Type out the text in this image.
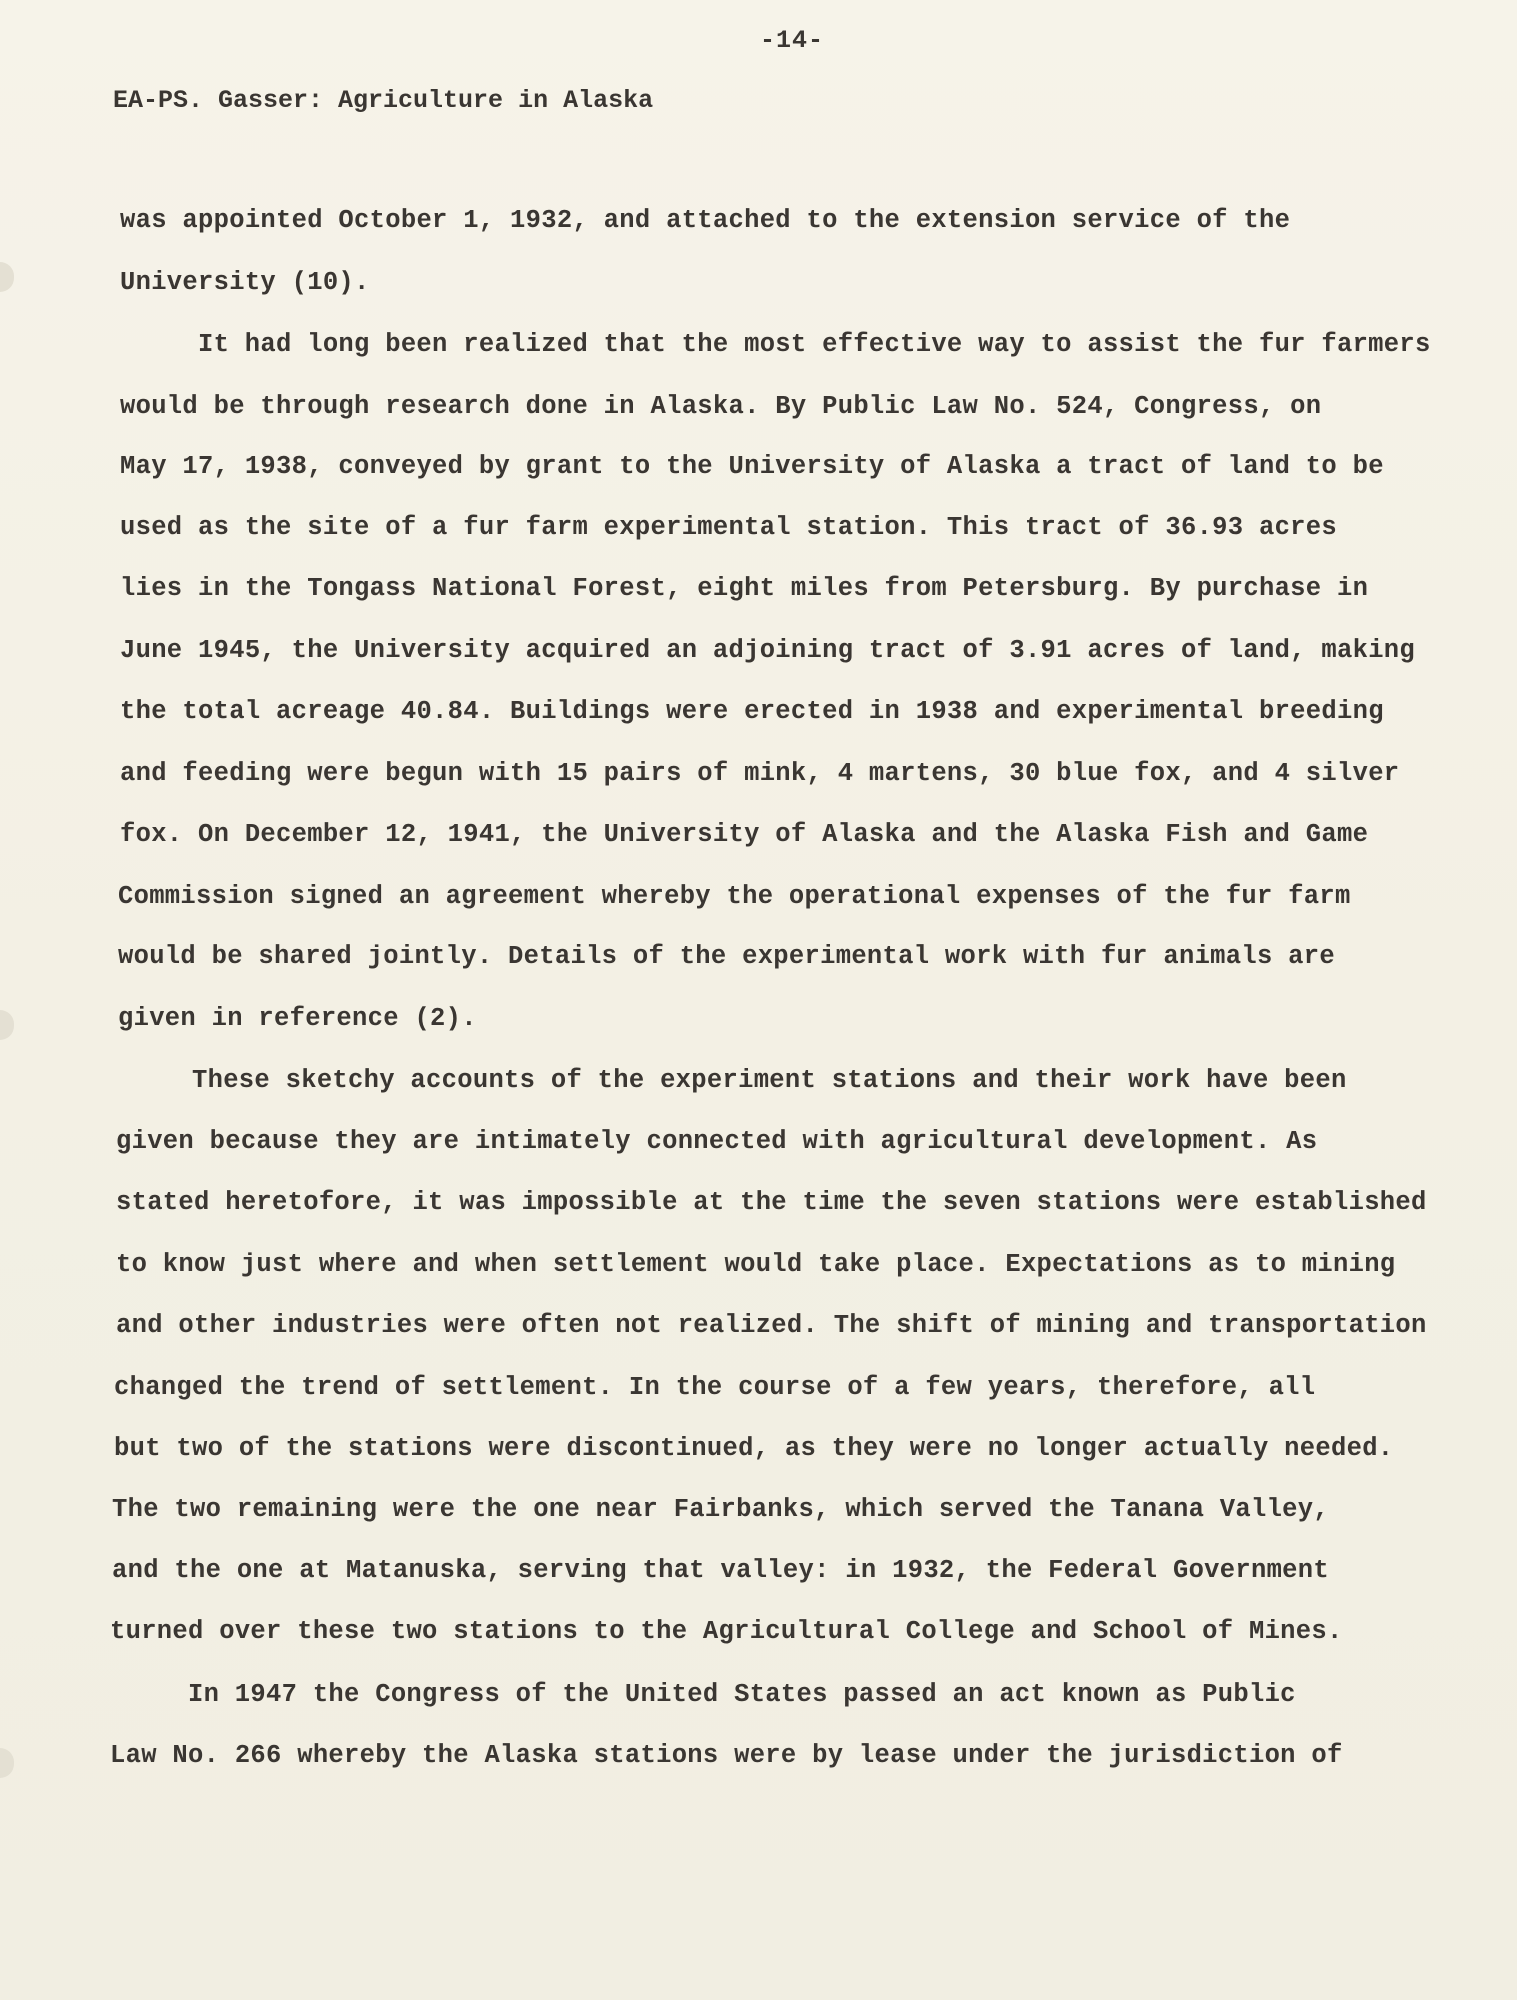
-14-
EA-PS. Gasser: Agriculture in Alaska
was appointed October 1, 1932, and attached to the extension service of the
University (10).
It had long been realized that the most effective way to assist the fur farmers
would be through research done in Alaska. By Public Law No. 524, Congress, on
May 17, 1938, conveyed by grant to the University of Alaska a tract of land to be
used as the site of a fur farm experimental station. This tract of 36.93 acres
lies in the Tongass National Forest, eight miles from Petersburg. By purchase in
June 1945, the University acquired an adjoining tract of 3.91 acres of land, making
the total acreage 40.84. Buildings were erected in 1938 and experimental breeding
and feeding were begun with 15 pairs of mink, 4 martens, 30 blue fox, and 4 silver
fox. On December 12, 1941, the University of Alaska and the Alaska Fish and Game
Commission signed an agreement whereby the operational expenses of the fur farm
would be shared jointly. Details of the experimental work with fur animals are
given in reference (2).
These sketchy accounts of the experiment stations and their work have been
given because they are intimately connected with agricultural development. As
stated heretofore, it was impossible at the time the seven stations were established
to know just where and when settlement would take place. Expectations as to mining
and other industries were often not realized. The shift of mining and transportation
changed the trend of settlement. In the course of a few years, therefore, all
but two of the stations were discontinued, as they were no longer actually needed.
The two remaining were the one near Fairbanks, which served the Tanana Valley,
and the one at Matanuska, serving that valley: in 1932, the Federal Government
turned over these two stations to the Agricultural College and School of Mines.
In 1947 the Congress of the United States passed an act known as Public
Law No. 266 whereby the Alaska stations were by lease under the jurisdiction of
